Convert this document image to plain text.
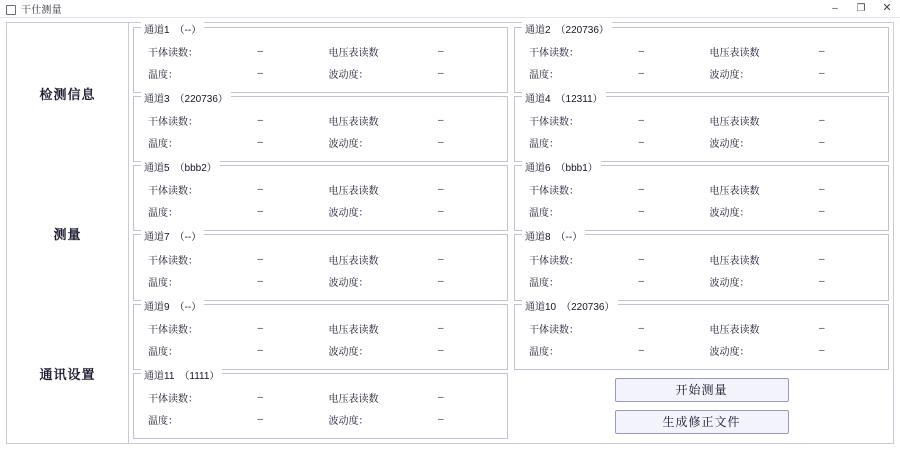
干仕测量	–	❐	✕
检测信息
测量
通讯设置
通道1　（--）
干体读数：	–	电压表读数	–
温度：	–	波动度：	–
通道2　（220736）
干体读数：	–	电压表读数	–
温度：	–	波动度：	–
通道3　（220736）
干体读数：	–	电压表读数	–
温度：	–	波动度：	–
通道4　（12311）
干体读数：	–	电压表读数	–
温度：	–	波动度：	–
通道5　（bbb2）
干体读数：	–	电压表读数	–
温度：	–	波动度：	–
通道6　（bbb1）
干体读数：	–	电压表读数	–
温度：	–	波动度：	–
通道7　（--）
干体读数：	–	电压表读数	–
温度：	–	波动度：	–
通道8　（--）
干体读数：	–	电压表读数	–
温度：	–	波动度：	–
通道9　（--）
干体读数：	–	电压表读数	–
温度：	–	波动度：	–
通道10　（220736）
干体读数：	–	电压表读数	–
温度：	–	波动度：	–
通道11　（1111）
干体读数：	–	电压表读数	–
温度：	–	波动度：	–
开始测量
生成修正文件
